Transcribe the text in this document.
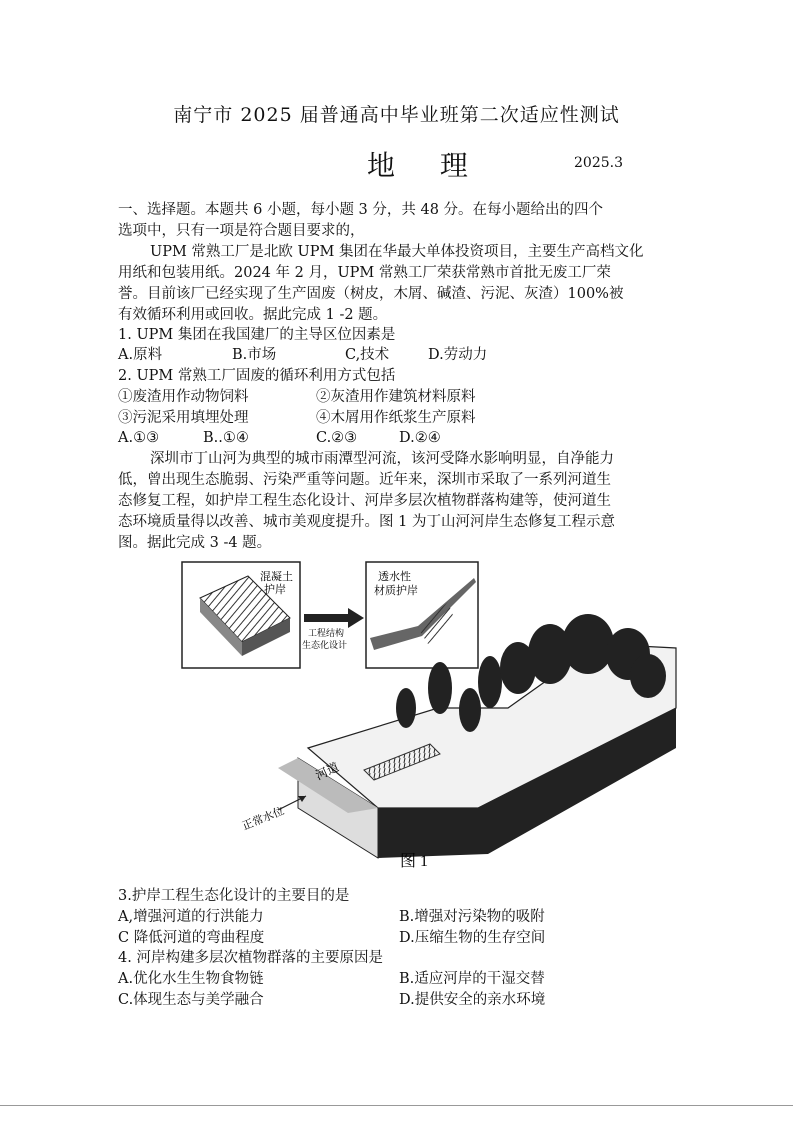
南宁市 2025 届普通高中毕业班第二次适应性测试
地 理	2025.3
一、选择题。本题共 6 小题，每小题 3 分，共 48 分。在每小题给出的四个
选项中，只有一项是符合题目要求的，
UPM 常熟工厂是北欧 UPM 集团在华最大单体投资项目，主要生产高档文化
用纸和包装用纸。2024 年 2 月，UPM 常熟工厂荣获常熟市首批无废工厂荣
誉。目前该厂已经实现了生产固废（树皮，木屑、碱渣、污泥、灰渣）100%被
有效循环利用或回收。据此完成 1 -2 题。
1. UPM 集团在我国建厂的主导区位因素是
A.原料	B.市场	C,技术	D.劳动力
2. UPM 常熟工厂固废的循环利用方式包括
①废渣用作动物饲料	②灰渣用作建筑材料原料
③污泥采用填埋处理	④木屑用作纸浆生产原料
A.①③	B..①④	C.②③	D.②④
深圳市丁山河为典型的城市雨潭型河流，该河受降水影响明显，自净能力
低，曾出现生态脆弱、污染严重等问题。近年来，深圳市采取了一系列河道生
态修复工程，如护岸工程生态化设计、河岸多层次植物群落构建等，使河道生
态环境质量得以改善、城市美观度提升。图 1 为丁山河河岸生态修复工程示意
图。据此完成 3 -4 题。
混凝土
护岸
工程结构
生态化设计
透水性
材质护岸
河道
正常水位
图 1
3.护岸工程生态化设计的主要目的是
A,增强河道的行洪能力	B.增强对污染物的吸附
C 降低河道的弯曲程度	D.压缩生物的生存空间
4. 河岸构建多层次植物群落的主要原因是
A.优化水生生物食物链	B.适应河岸的干湿交替
C.体现生态与美学融合	D.提供安全的亲水环境
